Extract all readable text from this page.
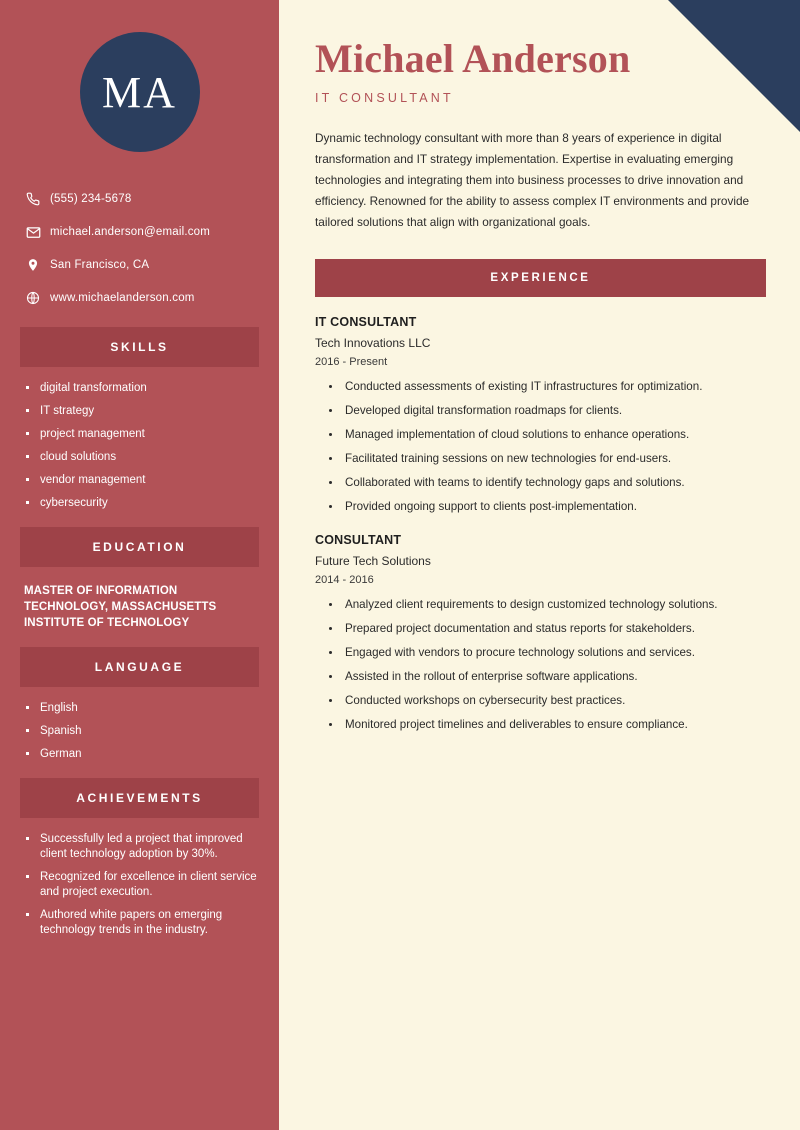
MA
(555) 234-5678
michael.anderson@email.com
San Francisco, CA
www.michaelanderson.com
SKILLS
digital transformation
IT strategy
project management
cloud solutions
vendor management
cybersecurity
EDUCATION
MASTER OF INFORMATION TECHNOLOGY, MASSACHUSETTS INSTITUTE OF TECHNOLOGY
LANGUAGE
English
Spanish
German
ACHIEVEMENTS
Successfully led a project that improved client technology adoption by 30%.
Recognized for excellence in client service and project execution.
Authored white papers on emerging technology trends in the industry.
Michael Anderson
IT CONSULTANT

Dynamic technology consultant with more than 8 years of experience in digital transformation and IT strategy implementation. Expertise in evaluating emerging technologies and integrating them into business processes to drive innovation and efficiency. Renowned for the ability to assess complex IT environments and provide tailored solutions that align with organizational goals.

EXPERIENCE
IT CONSULTANT
Tech Innovations LLC
2016 - Present
Conducted assessments of existing IT infrastructures for optimization.
Developed digital transformation roadmaps for clients.
Managed implementation of cloud solutions to enhance operations.
Facilitated training sessions on new technologies for end-users.
Collaborated with teams to identify technology gaps and solutions.
Provided ongoing support to clients post-implementation.
CONSULTANT
Future Tech Solutions
2014 - 2016
Analyzed client requirements to design customized technology solutions.
Prepared project documentation and status reports for stakeholders.
Engaged with vendors to procure technology solutions and services.
Assisted in the rollout of enterprise software applications.
Conducted workshops on cybersecurity best practices.
Monitored project timelines and deliverables to ensure compliance.
